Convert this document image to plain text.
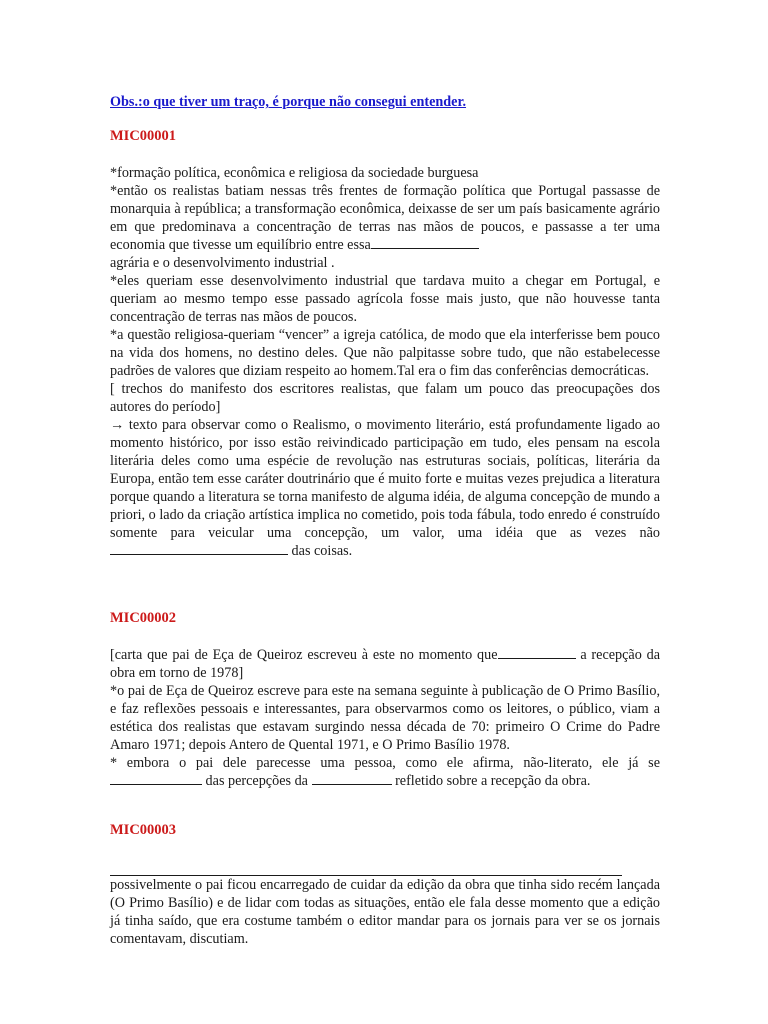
Obs.:o que tiver um traço, é porque não consegui entender.
MIC00001

*formação política, econômica e religiosa da sociedade burguesa

*então os realistas batiam nessas três frentes de formação política que Portugal passasse de monarquia à república; a transformação econômica, deixasse de ser um país basicamente agrário em que predominava a concentração de terras nas mãos de poucos, e passasse a ter uma economia que tivesse um equilíbrio entre essa

agrária e o desenvolvimento industrial .

*eles queriam esse desenvolvimento industrial que tardava muito a chegar em Portugal, e queriam ao mesmo tempo esse passado agrícola fosse mais justo, que não houvesse tanta concentração de terras nas mãos de poucos.

*a questão religiosa-queriam “vencer” a igreja católica, de modo que ela interferisse bem pouco na vida dos homens, no destino deles. Que não palpitasse sobre tudo, que não estabelecesse padrões de valores que diziam respeito ao homem.Tal era o fim das conferências democráticas.

[ trechos do manifesto dos escritores realistas, que falam um pouco das preocupações dos autores do período]

→ texto para observar como o Realismo, o movimento literário, está profundamente ligado ao momento histórico, por isso estão reivindicado participação em tudo, eles pensam na escola literária deles como uma espécie de revolução nas estruturas sociais, políticas, literária da Europa, então tem esse caráter doutrinário que é muito forte e muitas vezes prejudica a literatura porque quando a literatura se torna manifesto de alguma idéia, de alguma concepção de mundo a priori, o lado da criação artística implica no cometido, pois toda fábula, todo enredo é construído somente para veicular uma concepção, um valor, uma idéia que as vezes não das coisas.

MIC00002

[carta que pai de Eça de Queiroz escreveu à este no momento que	a recepção da obra em torno de 1978]

*o pai de Eça de Queiroz escreve para este na semana seguinte à publicação de O Primo Basílio, e faz reflexões pessoais e interessantes, para observarmos como os leitores, o público, viam a estética dos realistas que estavam surgindo nessa década de 70: primeiro O Crime do Padre Amaro 1971; depois Antero de Quental 1971, e O Primo Basílio 1978.

* embora o pai dele parecesse uma pessoa, como ele afirma, não-literato, ele já se  das percepções da	refletido sobre a recepção da obra.

MIC00003

possivelmente o pai ficou encarregado de cuidar da edição da obra que tinha sido recém lançada (O Primo Basílio) e de lidar com todas as situações, então ele fala desse momento que a edição já tinha saído, que era costume também o editor mandar para os jornais para ver se os jornais comentavam, discutiam.
